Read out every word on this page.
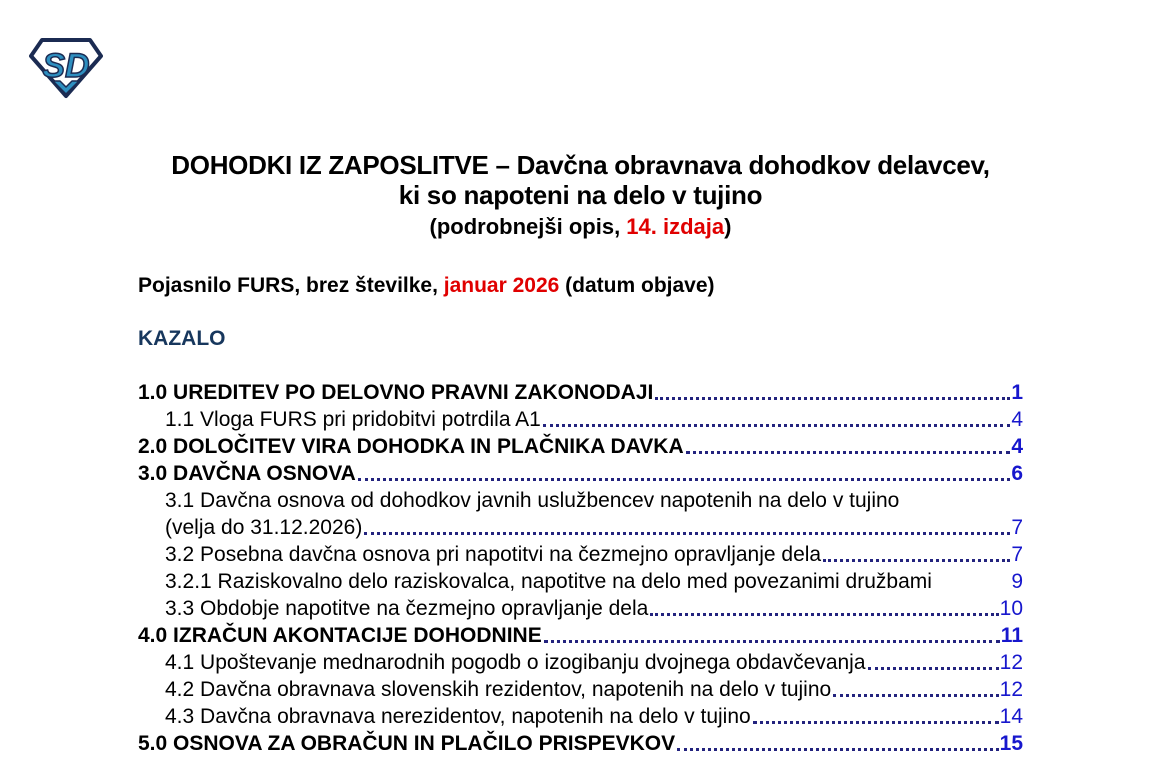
SD
DOHODKI IZ ZAPOSLITVE – Davčna obravnava dohodkov delavcev,
ki so napoteni na delo v tujino
(podrobnejši opis, 14. izdaja)
Pojasnilo FURS, brez številke, januar 2026 (datum objave)
KAZALO
1.0 UREDITEV PO DELOVNO PRAVNI ZAKONODAJI	1
1.1 Vloga FURS pri pridobitvi potrdila A1	4
2.0 DOLOČITEV VIRA DOHODKA IN PLAČNIKA DAVKA	4
3.0 DAVČNA OSNOVA	6
3.1 Davčna osnova od dohodkov javnih uslužbencev napotenih na delo v tujino
(velja do 31.12.2026)	7
3.2 Posebna davčna osnova pri napotitvi na čezmejno opravljanje dela	7
3.2.1 Raziskovalno delo raziskovalca, napotitve na delo med povezanimi družbami	9
3.3 Obdobje napotitve na čezmejno opravljanje dela	10
4.0 IZRAČUN AKONTACIJE DOHODNINE	11
4.1 Upoštevanje mednarodnih pogodb o izogibanju dvojnega obdavčevanja	12
4.2 Davčna obravnava slovenskih rezidentov, napotenih na delo v tujino	12
4.3 Davčna obravnava nerezidentov, napotenih na delo v tujino	14
5.0 OSNOVA ZA OBRAČUN IN PLAČILO PRISPEVKOV	15
